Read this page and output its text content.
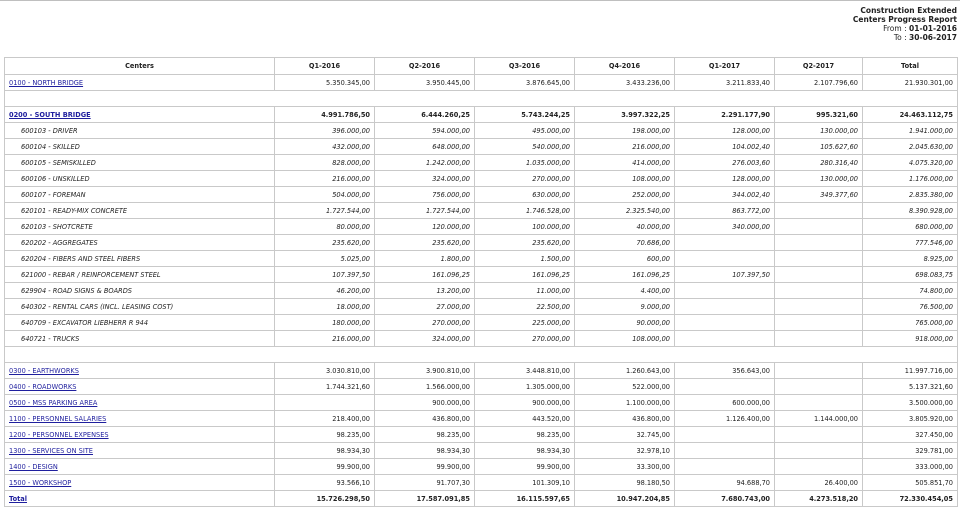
Construction Extended
Centers Progress Report
From : 01-01-2016
To : 30-06-2017
Centers	Q1-2016	Q2-2016	Q3-2016	Q4-2016	Q1-2017	Q2-2017	Total
0100 - NORTH BRIDGE	5.350.345,00	3.950.445,00	3.876.645,00	3.433.236,00	3.211.833,40	2.107.796,60	21.930.301,00

0200 - SOUTH BRIDGE	4.991.786,50	6.444.260,25	5.743.244,25	3.997.322,25	2.291.177,90	995.321,60	24.463.112,75
600103 - DRIVER	396.000,00	594.000,00	495.000,00	198.000,00	128.000,00	130.000,00	1.941.000,00
600104 - SKILLED	432.000,00	648.000,00	540.000,00	216.000,00	104.002,40	105.627,60	2.045.630,00
600105 - SEMISKILLED	828.000,00	1.242.000,00	1.035.000,00	414.000,00	276.003,60	280.316,40	4.075.320,00
600106 - UNSKILLED	216.000,00	324.000,00	270.000,00	108.000,00	128.000,00	130.000,00	1.176.000,00
600107 - FOREMAN	504.000,00	756.000,00	630.000,00	252.000,00	344.002,40	349.377,60	2.835.380,00
620101 - READY-MIX CONCRETE	1.727.544,00	1.727.544,00	1.746.528,00	2.325.540,00	863.772,00		8.390.928,00
620103 - SHOTCRETE	80.000,00	120.000,00	100.000,00	40.000,00	340.000,00		680.000,00
620202 - AGGREGATES	235.620,00	235.620,00	235.620,00	70.686,00			777.546,00
620204 - FIBERS AND STEEL FIBERS	5.025,00	1.800,00	1.500,00	600,00			8.925,00
621000 - REBAR / REINFORCEMENT STEEL	107.397,50	161.096,25	161.096,25	161.096,25	107.397,50		698.083,75
629904 - ROAD SIGNS & BOARDS	46.200,00	13.200,00	11.000,00	4.400,00			74.800,00
640302 - RENTAL CARS (INCL. LEASING COST)	18.000,00	27.000,00	22.500,00	9.000,00			76.500,00
640709 - EXCAVATOR LIEBHERR R 944	180.000,00	270.000,00	225.000,00	90.000,00			765.000,00
640721 - TRUCKS	216.000,00	324.000,00	270.000,00	108.000,00			918.000,00

0300 - EARTHWORKS	3.030.810,00	3.900.810,00	3.448.810,00	1.260.643,00	356.643,00		11.997.716,00
0400 - ROADWORKS	1.744.321,60	1.566.000,00	1.305.000,00	522.000,00			5.137.321,60
0500 - MSS PARKING AREA		900.000,00	900.000,00	1.100.000,00	600.000,00		3.500.000,00
1100 - PERSONNEL SALARIES	218.400,00	436.800,00	443.520,00	436.800,00	1.126.400,00	1.144.000,00	3.805.920,00
1200 - PERSONNEL EXPENSES	98.235,00	98.235,00	98.235,00	32.745,00			327.450,00
1300 - SERVICES ON SITE	98.934,30	98.934,30	98.934,30	32.978,10			329.781,00
1400 - DESIGN	99.900,00	99.900,00	99.900,00	33.300,00			333.000,00
1500 - WORKSHOP	93.566,10	91.707,30	101.309,10	98.180,50	94.688,70	26.400,00	505.851,70
Total	15.726.298,50	17.587.091,85	16.115.597,65	10.947.204,85	7.680.743,00	4.273.518,20	72.330.454,05
